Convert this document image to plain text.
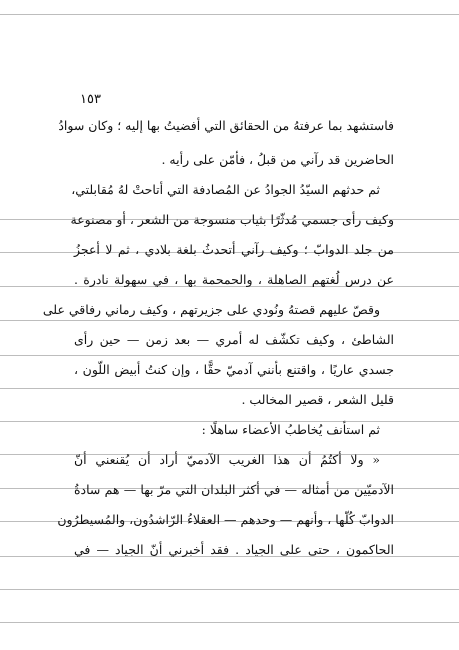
١٥٣
فاستشهد بما عرفتهُ من الحقائق التي أفضيتُ بها إليه ؛ وكان سوادُ
الحاضرين قد رآني من قبلُ ، فأمّن على رأيه .
ثم حدثهم السيّدُ الجوادُ عن المُصادفة التي أتاحتْ لهُ مُقابلتي،
وكيف رأى جسمي مُدثّرًا بثياب منسوجة من الشعر ، أو مصنوعة
من جلد الدوابّ ؛ وكيف رآني أتحدثُ بلغة بلادي ، ثم لا أعجزُ
عن درس لُغتهم الصاهلة ، والحمحمة بها ، في سهولة نادرة .
وقصّ عليهم قصتهُ ونُودي على جزيرتهم ، وكيف رماني رفاقي على
الشاطئ ، وكيف تكشّف له أمري — بعد زمن — حين رأى
جسدي عاريًا ، واقتنع بأنني آدميّ حقًّا ، وإن كنتُ أبيض اللّون ،
قليل الشعر ، قصير المخالب .
ثم استأنف يُخاطبُ الأعضاء ساهلًا :
« ولا أكتُمُ أن هذا الغريب الآدميّ أراد أن يُقنعني أنّ
الآدميّين من أمثاله — في أكثر البلدان التي مرّ بها — هم سادةُ
الدوابّ كُلّها ، وأنهم — وحدهم — العقلاءُ الرّاشدُون، والمُسيطرُون
الحاكمون ، حتى على الجياد . فقد أخبرني أنّ الجياد — في
